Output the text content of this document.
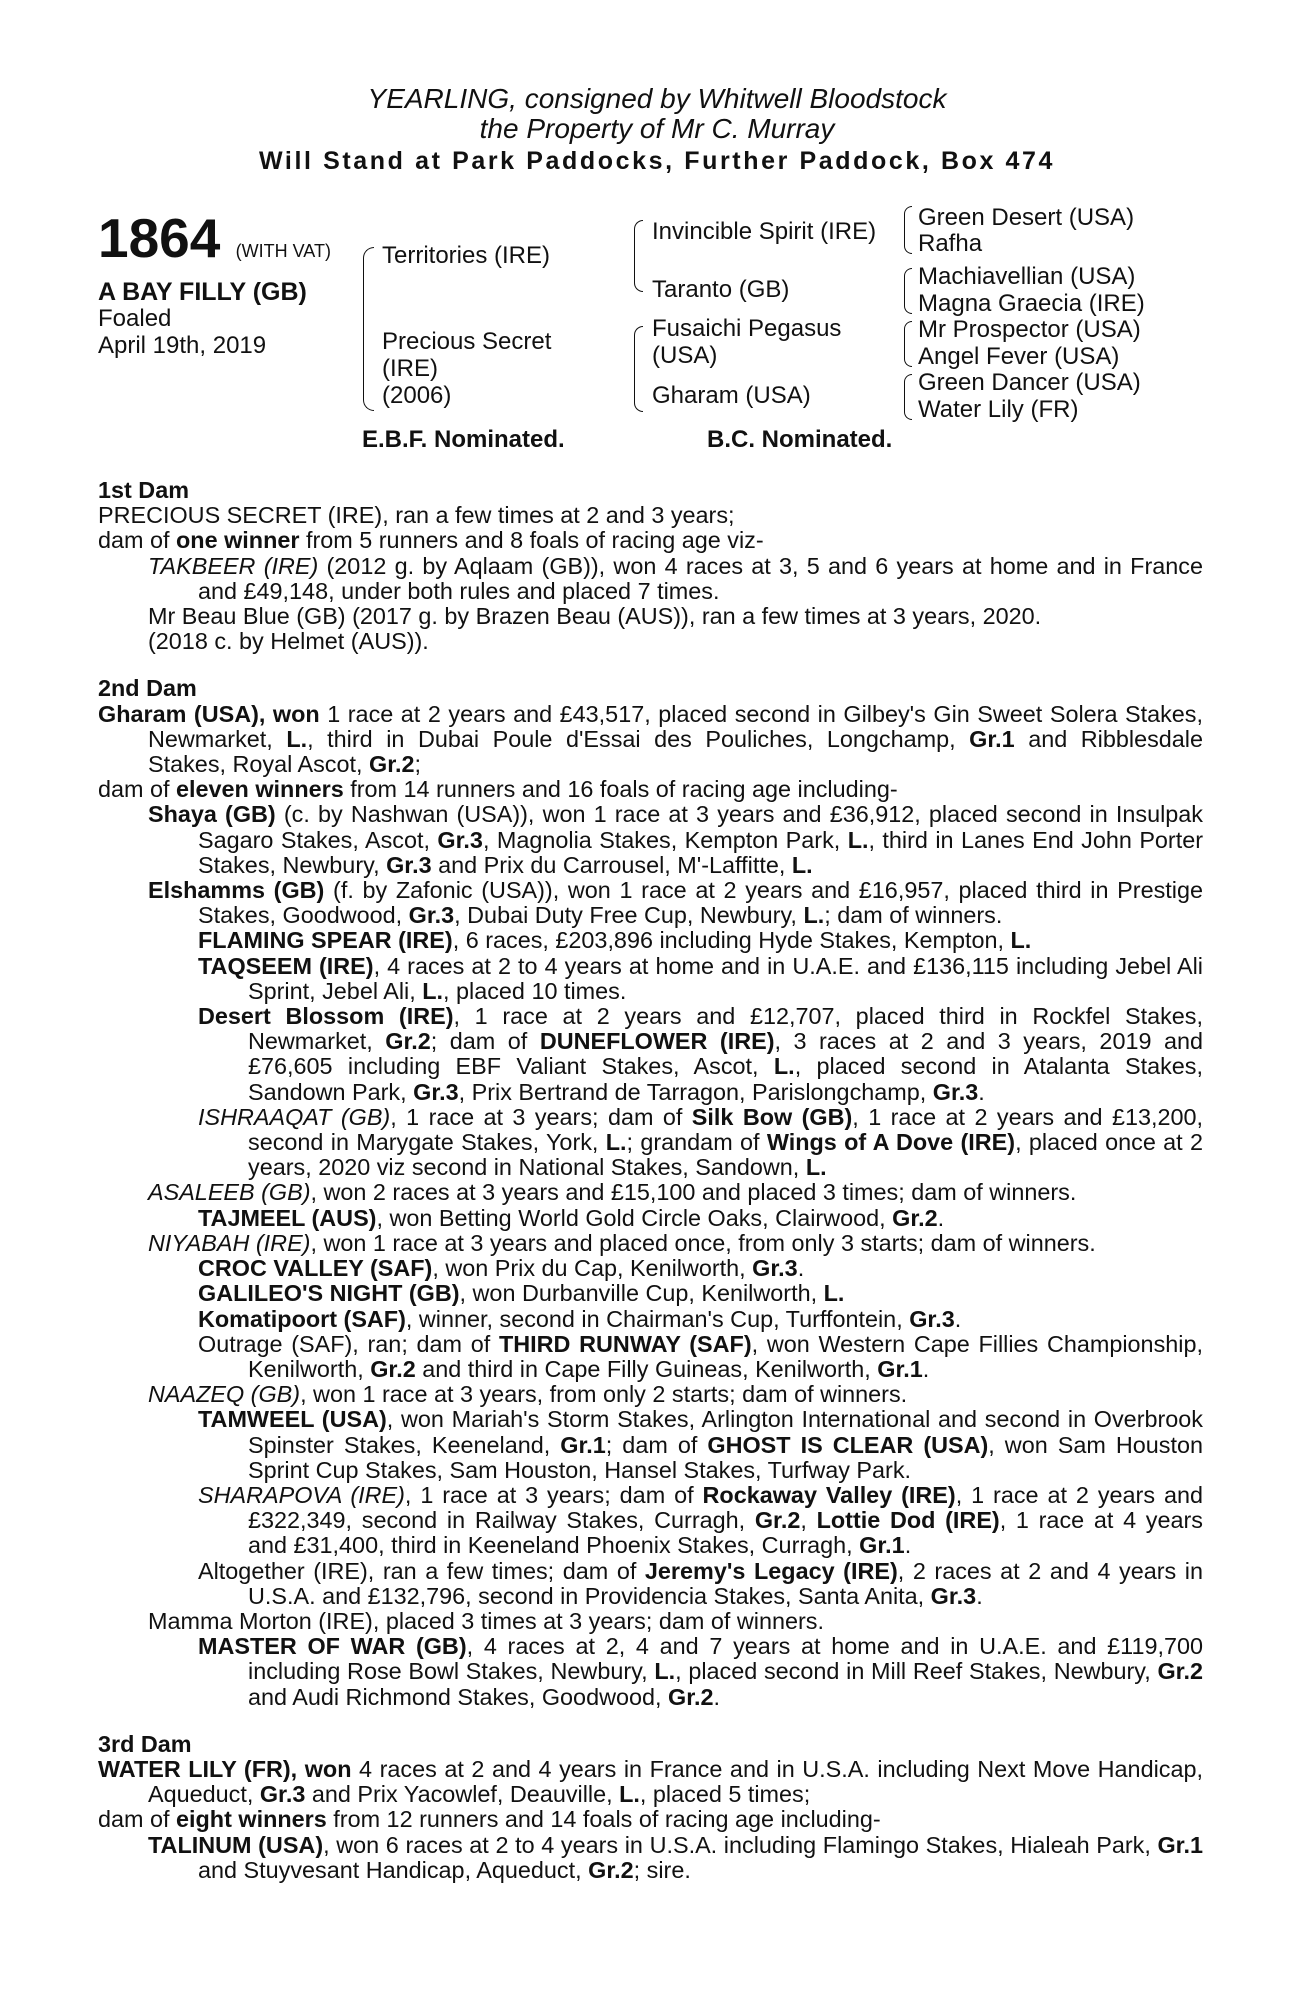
YEARLING, consigned by Whitwell Bloodstock
the Property of Mr C. Murray
Will Stand at Park Paddocks, Further Paddock, Box 474
1864 (WITH VAT)
A BAY FILLY (GB)
Foaled
April 19th, 2019
Territories (IRE)
Precious Secret
(IRE)
(2006)
Invincible Spirit (IRE)
Taranto (GB)
Fusaichi Pegasus
(USA)
Gharam (USA)
Green Desert (USA)
Rafha
Machiavellian (USA)
Magna Graecia (IRE)
Mr Prospector (USA)
Angel Fever (USA)
Green Dancer (USA)
Water Lily (FR)
E.B.F. Nominated.	B.C. Nominated.
1st Dam
PRECIOUS SECRET (IRE), ran a few times at 2 and 3 years;
dam of one winner from 5 runners and 8 foals of racing age viz-
TAKBEER (IRE) (2012 g. by Aqlaam (GB)), won 4 races at 3, 5 and 6 years at home and in France and £49,148, under both rules and placed 7 times.
Mr Beau Blue (GB) (2017 g. by Brazen Beau (AUS)), ran a few times at 3 years, 2020.
(2018 c. by Helmet (AUS)).
2nd Dam
Gharam (USA), won 1 race at 2 years and £43,517, placed second in Gilbey's Gin Sweet Solera Stakes, Newmarket, L., third in Dubai Poule d'Essai des Pouliches, Longchamp, Gr.1 and Ribblesdale Stakes, Royal Ascot, Gr.2;
dam of eleven winners from 14 runners and 16 foals of racing age including-
Shaya (GB) (c. by Nashwan (USA)), won 1 race at 3 years and £36,912, placed second in Insulpak Sagaro Stakes, Ascot, Gr.3, Magnolia Stakes, Kempton Park, L., third in Lanes End John Porter Stakes, Newbury, Gr.3 and Prix du Carrousel, M'-Laffitte, L.
Elshamms (GB) (f. by Zafonic (USA)), won 1 race at 2 years and £16,957, placed third in Prestige Stakes, Goodwood, Gr.3, Dubai Duty Free Cup, Newbury, L.; dam of winners.
FLAMING SPEAR (IRE), 6 races, £203,896 including Hyde Stakes, Kempton, L.
TAQSEEM (IRE), 4 races at 2 to 4 years at home and in U.A.E. and £136,115 including Jebel Ali Sprint, Jebel Ali, L., placed 10 times.
Desert Blossom (IRE), 1 race at 2 years and £12,707, placed third in Rockfel Stakes, Newmarket, Gr.2; dam of DUNEFLOWER (IRE), 3 races at 2 and 3 years, 2019 and £76,605 including EBF Valiant Stakes, Ascot, L., placed second in Atalanta Stakes, Sandown Park, Gr.3, Prix Bertrand de Tarragon, Parislongchamp, Gr.3.
ISHRAAQAT (GB), 1 race at 3 years; dam of Silk Bow (GB), 1 race at 2 years and £13,200, second in Marygate Stakes, York, L.; grandam of Wings of A Dove (IRE), placed once at 2 years, 2020 viz second in National Stakes, Sandown, L.
ASALEEB (GB), won 2 races at 3 years and £15,100 and placed 3 times; dam of winners.
TAJMEEL (AUS), won Betting World Gold Circle Oaks, Clairwood, Gr.2.
NIYABAH (IRE), won 1 race at 3 years and placed once, from only 3 starts; dam of winners.
CROC VALLEY (SAF), won Prix du Cap, Kenilworth, Gr.3.
GALILEO'S NIGHT (GB), won Durbanville Cup, Kenilworth, L.
Komatipoort (SAF), winner, second in Chairman's Cup, Turffontein, Gr.3.
Outrage (SAF), ran; dam of THIRD RUNWAY (SAF), won Western Cape Fillies Championship, Kenilworth, Gr.2 and third in Cape Filly Guineas, Kenilworth, Gr.1.
NAAZEQ (GB), won 1 race at 3 years, from only 2 starts; dam of winners.
TAMWEEL (USA), won Mariah's Storm Stakes, Arlington International and second in Overbrook Spinster Stakes, Keeneland, Gr.1; dam of GHOST IS CLEAR (USA), won Sam Houston Sprint Cup Stakes, Sam Houston, Hansel Stakes, Turfway Park.
SHARAPOVA (IRE), 1 race at 3 years; dam of Rockaway Valley (IRE), 1 race at 2 years and £322,349, second in Railway Stakes, Curragh, Gr.2, Lottie Dod (IRE), 1 race at 4 years and £31,400, third in Keeneland Phoenix Stakes, Curragh, Gr.1.
Altogether (IRE), ran a few times; dam of Jeremy's Legacy (IRE), 2 races at 2 and 4 years in U.S.A. and £132,796, second in Providencia Stakes, Santa Anita, Gr.3.
Mamma Morton (IRE), placed 3 times at 3 years; dam of winners.
MASTER OF WAR (GB), 4 races at 2, 4 and 7 years at home and in U.A.E. and £119,700 including Rose Bowl Stakes, Newbury, L., placed second in Mill Reef Stakes, Newbury, Gr.2 and Audi Richmond Stakes, Goodwood, Gr.2.
3rd Dam
WATER LILY (FR), won 4 races at 2 and 4 years in France and in U.S.A. including Next Move Handicap, Aqueduct, Gr.3 and Prix Yacowlef, Deauville, L., placed 5 times;
dam of eight winners from 12 runners and 14 foals of racing age including-
TALINUM (USA), won 6 races at 2 to 4 years in U.S.A. including Flamingo Stakes, Hialeah Park, Gr.1 and Stuyvesant Handicap, Aqueduct, Gr.2; sire.
